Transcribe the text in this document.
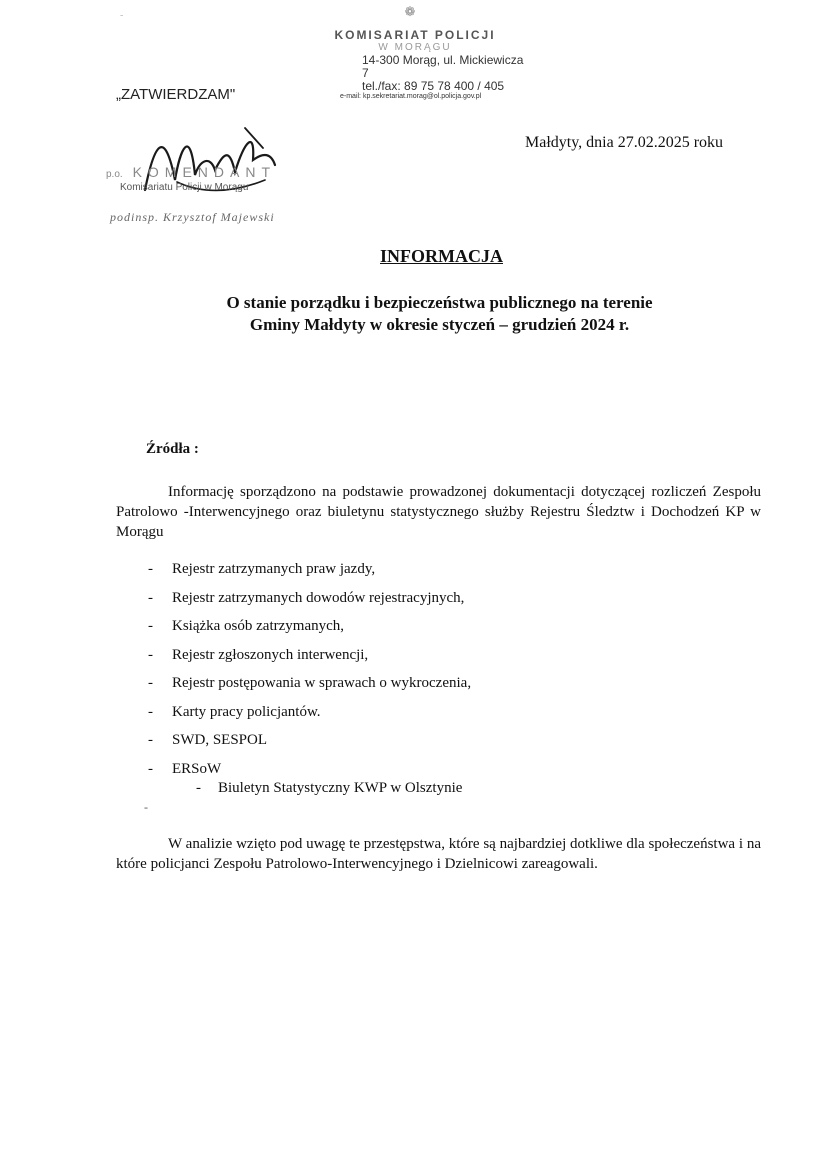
-	❁
KOMISARIAT POLICJI
W MORĄGU
14-300 Morąg, ul. Mickiewicza 7
tel./fax: 89 75 78 400 / 405
e-mail: kp.sekretariat.morag@ol.policja.gov.pl
„ZATWIERDZAM"
p.o. KOMENDANT
Komisariatu Policji w Morągu
podinsp. Krzysztof Majewski
Małdyty, dnia 27.02.2025 roku
INFORMACJA
O stanie porządku i bezpieczeństwa publicznego na terenie
Gminy Małdyty w okresie styczeń – grudzień 2024 r.
Źródła :
Informację sporządzono na podstawie prowadzonej dokumentacji dotyczącej rozliczeń Zespołu Patrolowo -Interwencyjnego oraz biuletynu statystycznego służby Rejestru Śledztw i Dochodzeń KP w Morągu
- Rejestr zatrzymanych praw jazdy,
- Rejestr zatrzymanych dowodów rejestracyjnych,
- Książka osób zatrzymanych,
- Rejestr zgłoszonych interwencji,
- Rejestr postępowania w sprawach o wykroczenia,
- Karty pracy policjantów.
- SWD, SESPOL
- ERSoW
- Biuletyn Statystyczny KWP w Olsztynie
-
W analizie wzięto pod uwagę te przestępstwa, które są najbardziej dotkliwe dla społeczeństwa i na które policjanci Zespołu Patrolowo-Interwencyjnego i Dzielnicowi zareagowali.
